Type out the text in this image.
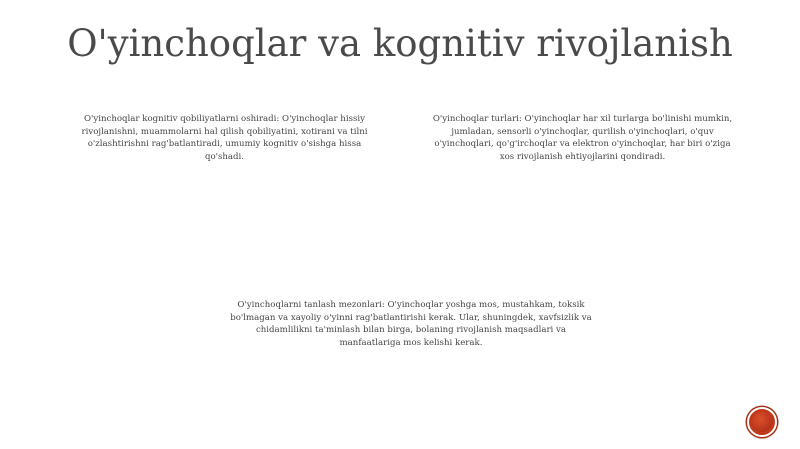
O'yinchoqlar va kognitiv rivojlanish

O'yinchoqlar kognitiv qobiliyatlarni oshiradi: O'yinchoqlar hissiy rivojlanishni, muammolarni hal qilish qobiliyatini, xotirani va tilni o'zlashtirishni rag'batlantiradi, umumiy kognitiv o'sishga hissa qo'shadi.

O'yinchoqlar turlari: O'yinchoqlar har xil turlarga bo'linishi mumkin, jumladan, sensorli o'yinchoqlar, qurilish o'yinchoqlari, o'quv o'yinchoqlari, qo'g'irchoqlar va elektron o'yinchoqlar, har biri o'ziga xos rivojlanish ehtiyojlarini qondiradi.

O'yinchoqlarni tanlash mezonlari: O'yinchoqlar yoshga mos, mustahkam, toksik bo'lmagan va xayoliy o'yinni rag'batlantirishi kerak. Ular, shuningdek, xavfsizlik va chidamlilikni ta'minlash bilan birga, bolaning rivojlanish maqsadlari va manfaatlariga mos kelishi kerak.
